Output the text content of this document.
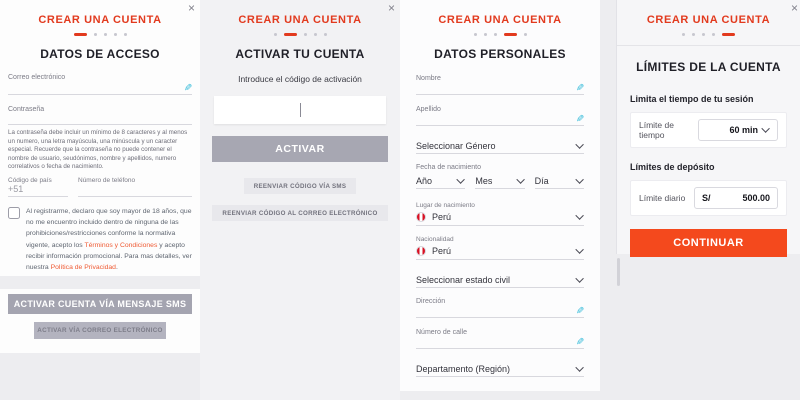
×
CREAR UNA CUENTA
DATOS DE ACCESO
Correo electrónico
✎
Contraseña
La contraseña debe incluir un mínimo de 8 caracteres y al menos un numero, una letra mayúscula, una minúscula y un caracter especial. Recuerde que la contraseña no puede contener el nombre de usuario, seudónimos, nombre y apellidos, numero correlativos o fecha de nacimiento.
Código de país
+51
Número de teléfono
Al registrarme, declaro que soy mayor de 18 años, que no me encuentro incluido dentro de ninguna de las prohibiciones/restricciones conforme la normativa vigente, acepto los Términos y Condiciones y acepto recibir información promocional. Para mas detalles, ver nuestra Política de Privacidad.
ACTIVAR CUENTA VÍA MENSAJE SMS
ACTIVAR VÍA CORREO ELECTRÓNICO
×
CREAR UNA CUENTA
ACTIVAR TU CUENTA
Introduce el código de activación
ACTIVAR
REENVIAR CÓDIGO VÍA SMS
REENVIAR CÓDIGO AL CORREO ELECTRÓNICO
CREAR UNA CUENTA
DATOS PERSONALES
Nombre
✎
Apellido
✎
Seleccionar Género
Fecha de nacimiento
Año	Mes	Día
Lugar de nacimiento
Perú
Nacionalidad
Perú
Seleccionar estado civil
Dirección
✎
Número de calle
✎
Departamento (Región)
×
CREAR UNA CUENTA
LÍMITES DE LA CUENTA
Limita el tiempo de tu sesión
Límite de tiempo	60 min
Límites de depósito
Límite diario S/	500.00
CONTINUAR
